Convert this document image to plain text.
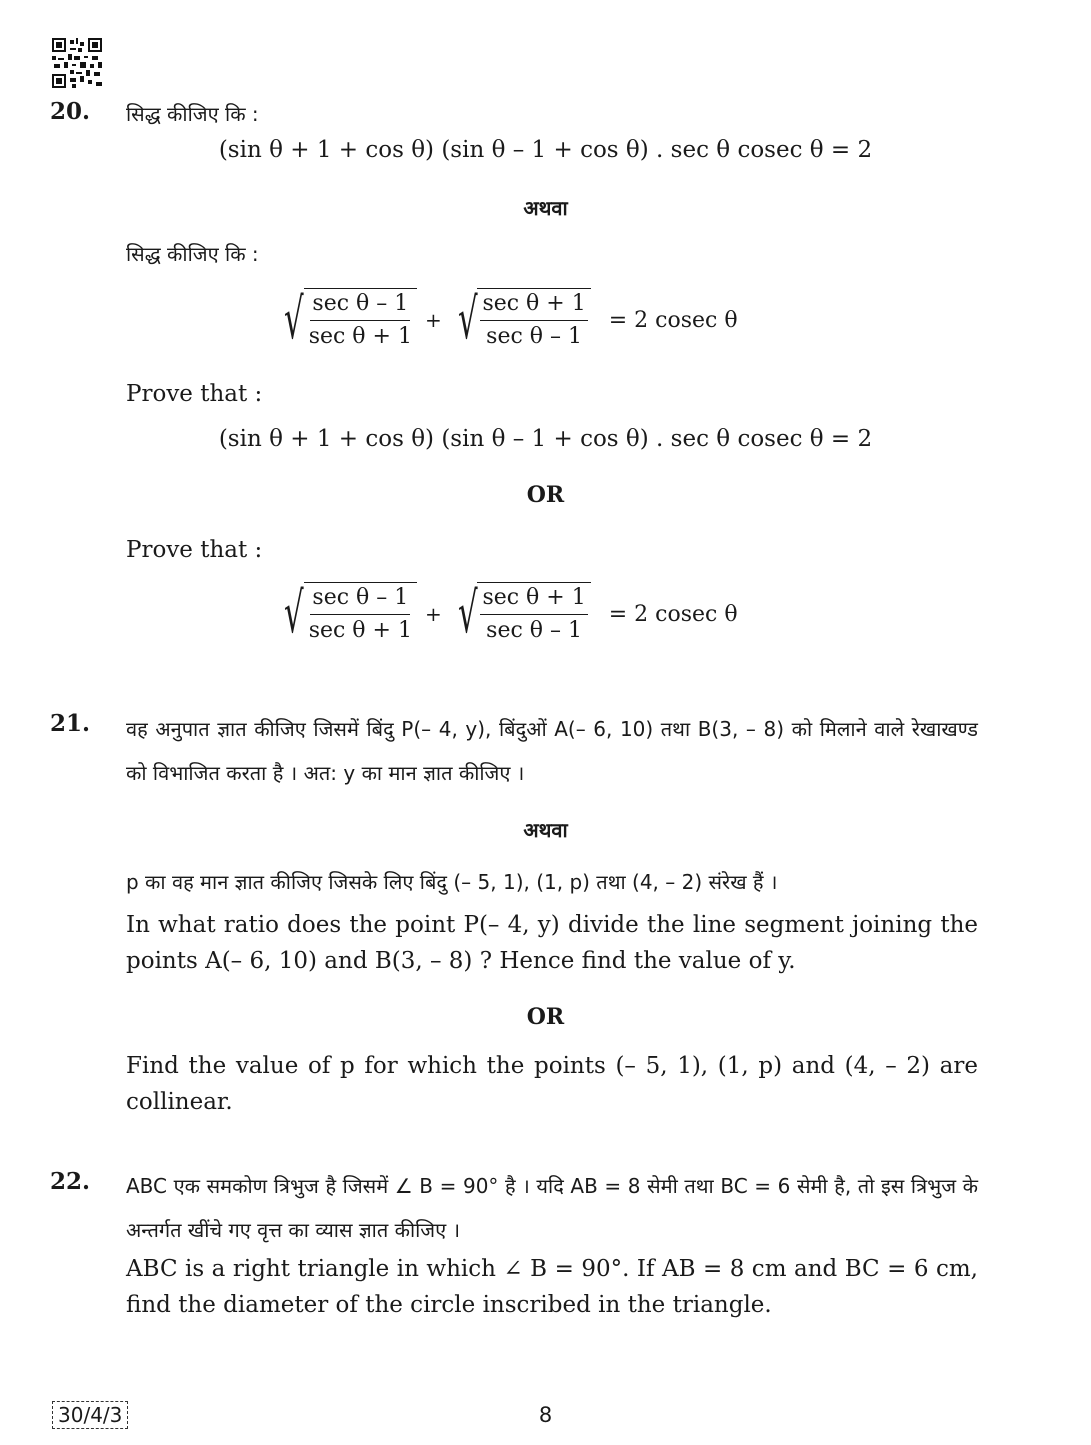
20. सिद्ध कीजिए कि :
(sin θ + 1 + cos θ) (sin θ – 1 + cos θ) . sec θ cosec θ = 2
अथवा
सिद्ध कीजिए कि :
√ $\frac{\text{sec θ – 1}}{\text{sec θ + 1}}$ + √ $\frac{\text{sec θ + 1}}{\text{sec θ – 1}} = 2$ cosec θ
Prove that :
(sin θ + 1 + cos θ) (sin θ – 1 + cos θ) . sec θ cosec θ = 2
OR
Prove that :
√ $\frac{\text{sec θ – 1}}{\text{sec θ + 1}}$ + √ $\frac{\text{sec θ + 1}}{\text{sec θ – 1}} = 2$ cosec θ
21. वह अनुपात ज्ञात कीजिए जिसमें बिंदु P(– 4, y), बिंदुओं A(– 6, 10) तथा B(3, – 8) को मिलाने वाले रेखाखण्ड को विभाजित करता है । अत: y का मान ज्ञात कीजिए ।
अथवा
p का वह मान ज्ञात कीजिए जिसके लिए बिंदु (– 5, 1), (1, p) तथा (4, – 2) संरेख हैं ।
In what ratio does the point P(– 4, y) divide the line segment joining the points A(– 6, 10) and B(3, – 8) ? Hence find the value of y.
OR
Find the value of p for which the points (– 5, 1), (1, p) and (4, – 2) are collinear.
22. ABC एक समकोण त्रिभुज है जिसमें ∠ B = 90° है । यदि AB = 8 सेमी तथा BC = 6 सेमी है, तो इस त्रिभुज के अन्तर्गत खींचे गए वृत्त का व्यास ज्ञात कीजिए ।
ABC is a right triangle in which ∠ B = 90°. If AB = 8 cm and BC = 6 cm, find the diameter of the circle inscribed in the triangle.
30/4/3	8
